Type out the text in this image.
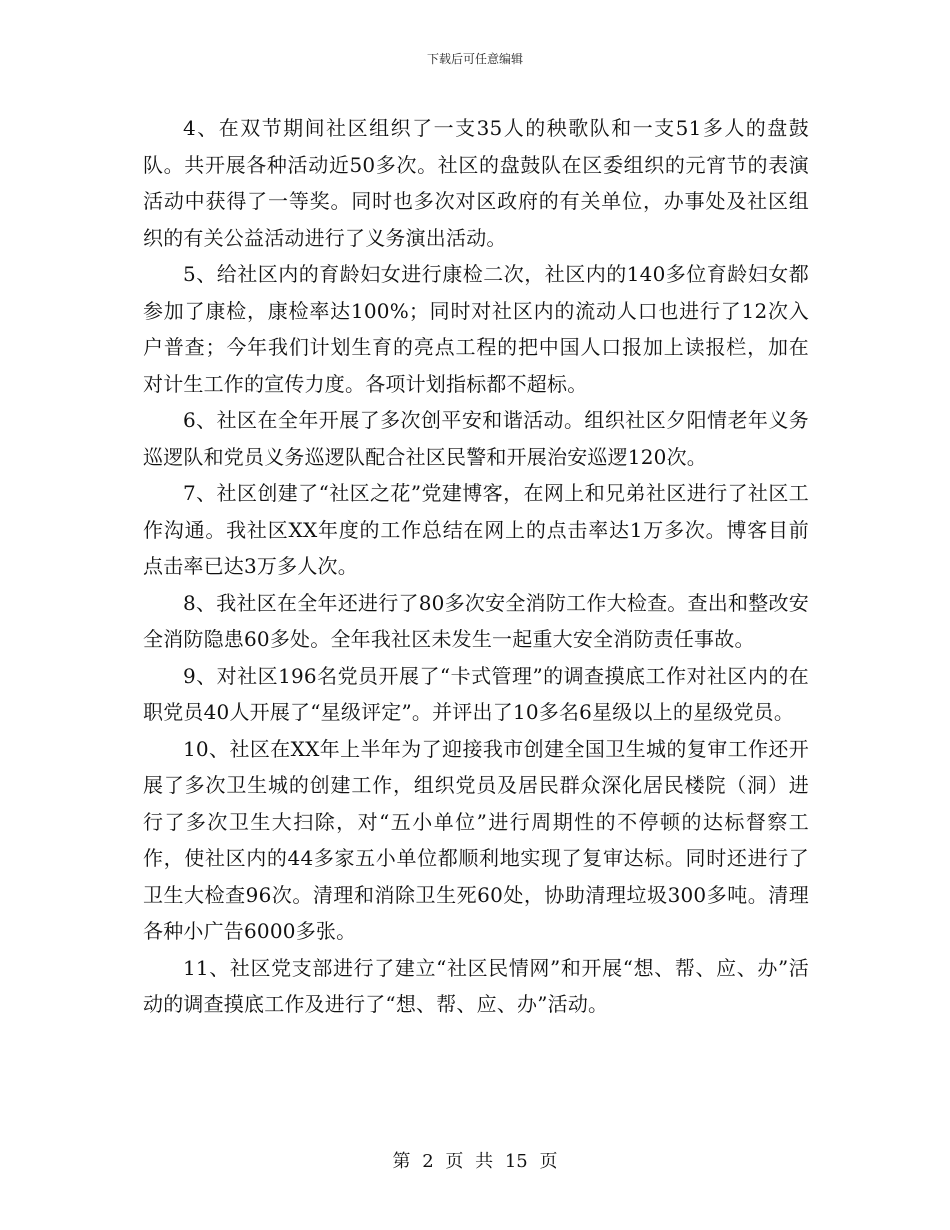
下载后可任意编辑

4、在双节期间社区组织了一支35人的秧歌队和一支51多人的盘鼓队。共开展各种活动近50多次。社区的盘鼓队在区委组织的元宵节的表演活动中获得了一等奖。同时也多次对区政府的有关单位，办事处及社区组织的有关公益活动进行了义务演出活动。

5、给社区内的育龄妇女进行康检二次，社区内的140多位育龄妇女都参加了康检，康检率达100%；同时对社区内的流动人口也进行了12次入户普查；今年我们计划生育的亮点工程的把中国人口报加上读报栏，加在对计生工作的宣传力度。各项计划指标都不超标。

6、社区在全年开展了多次创平安和谐活动。组织社区夕阳情老年义务巡逻队和党员义务巡逻队配合社区民警和开展治安巡逻120次。

7、社区创建了“社区之花”党建博客，在网上和兄弟社区进行了社区工作沟通。我社区XX年度的工作总结在网上的点击率达1万多次。博客目前点击率已达3万多人次。

8、我社区在全年还进行了80多次安全消防工作大检查。查出和整改安全消防隐患60多处。全年我社区未发生一起重大安全消防责任事故。

9、对社区196名党员开展了“卡式管理”的调查摸底工作对社区内的在职党员40人开展了“星级评定”。并评出了10多名6星级以上的星级党员。

10、社区在XX年上半年为了迎接我市创建全国卫生城的复审工作还开展了多次卫生城的创建工作，组织党员及居民群众深化居民楼院（洞）进行了多次卫生大扫除，对“五小单位”进行周期性的不停顿的达标督察工作，使社区内的44多家五小单位都顺利地实现了复审达标。同时还进行了卫生大检查96次。清理和消除卫生死60处，协助清理垃圾300多吨。清理各种小广告6000多张。

11、社区党支部进行了建立“社区民情网”和开展“想、帮、应、办”活动的调查摸底工作及进行了“想、帮、应、办”活动。

第 2 页 共 15 页
